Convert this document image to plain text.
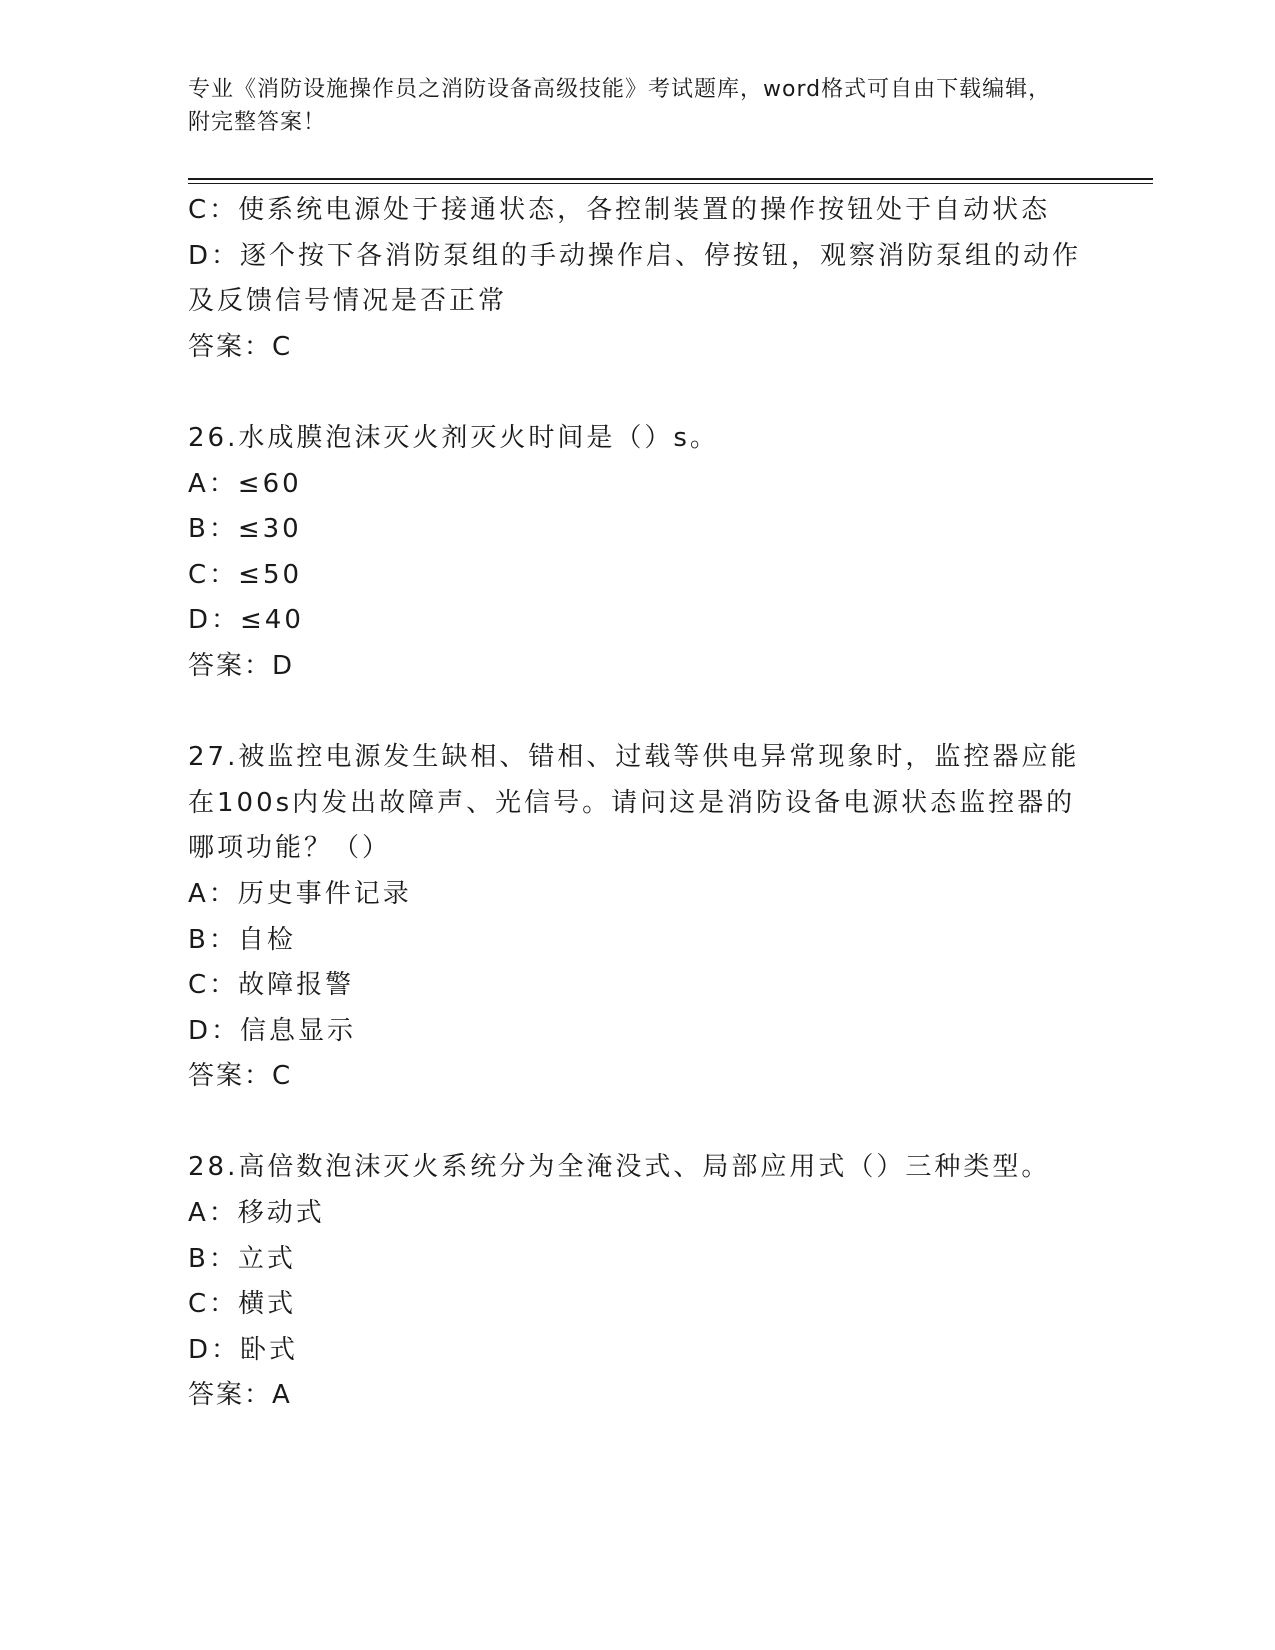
专业《消防设施操作员之消防设备高级技能》考试题库，word格式可自由下载编辑，附完整答案！
C：使系统电源处于接通状态，各控制装置的操作按钮处于自动状态
D：逐个按下各消防泵组的手动操作启、停按钮，观察消防泵组的动作及反馈信号情况是否正常
答案：C
26.水成膜泡沫灭火剂灭火时间是（）s。
A：≤60
B：≤30
C：≤50
D：≤40
答案：D
27.被监控电源发生缺相、错相、过载等供电异常现象时，监控器应能在100s内发出故障声、光信号。请问这是消防设备电源状态监控器的哪项功能？（）
A：历史事件记录
B：自检
C：故障报警
D：信息显示
答案：C
28.高倍数泡沫灭火系统分为全淹没式、局部应用式（）三种类型。
A：移动式
B：立式
C：横式
D：卧式
答案：A
